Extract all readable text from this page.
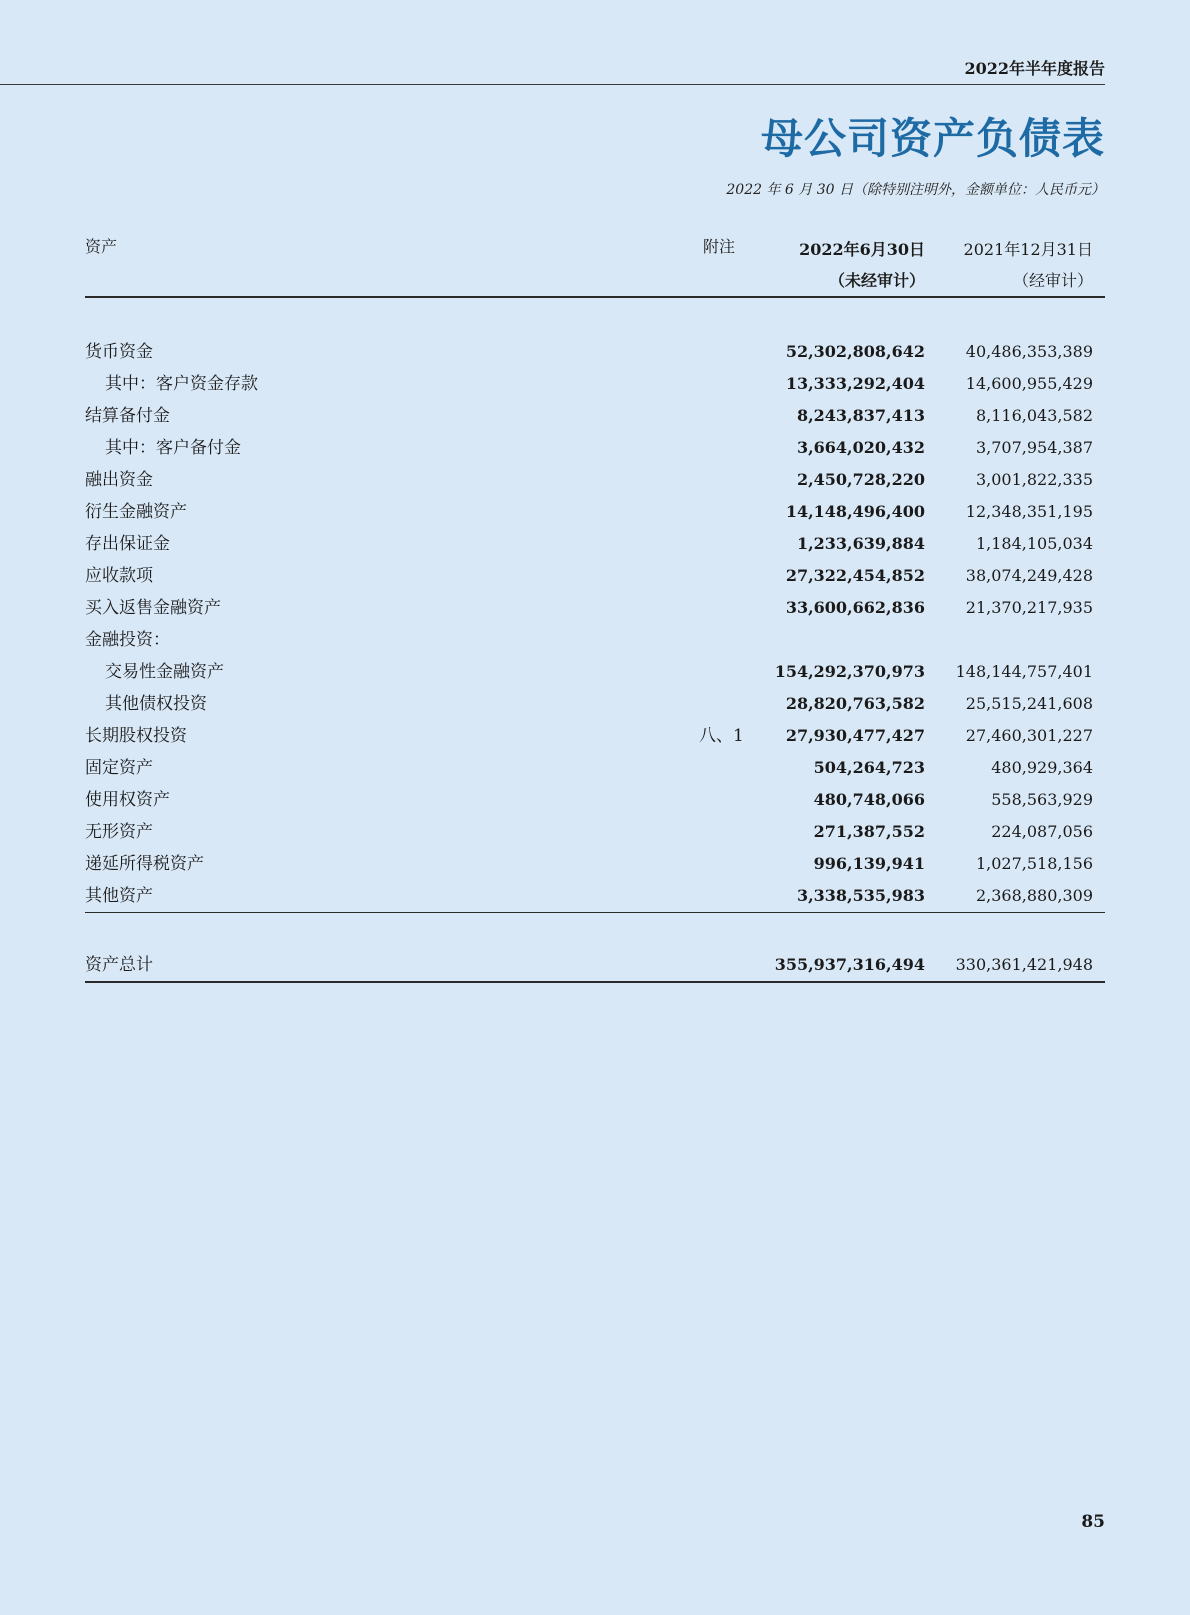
2022年半年度报告
母公司资产负债表
2022 年 6 月 30 日（除特别注明外，金额单位：人民币元）
资产	附注	2022年6月30日
（未经审计）
2021年12月31日
（经审计）
货币资金	52,302,808,642	40,486,353,389
其中：客户资金存款	13,333,292,404	14,600,955,429
结算备付金	8,243,837,413	8,116,043,582
其中：客户备付金	3,664,020,432	3,707,954,387
融出资金	2,450,728,220	3,001,822,335
衍生金融资产	14,148,496,400	12,348,351,195
存出保证金	1,233,639,884	1,184,105,034
应收款项	27,322,454,852	38,074,249,428
买入返售金融资产	33,600,662,836	21,370,217,935
金融投资：
交易性金融资产	154,292,370,973 148,144,757,401
其他债权投资	28,820,763,582	25,515,241,608
长期股权投资	八、1	27,930,477,427	27,460,301,227
固定资产	504,264,723	480,929,364
使用权资产	480,748,066	558,563,929
无形资产	271,387,552	224,087,056
递延所得税资产	996,139,941	1,027,518,156
其他资产	3,338,535,983	2,368,880,309
资产总计	355,937,316,494 330,361,421,948
85
